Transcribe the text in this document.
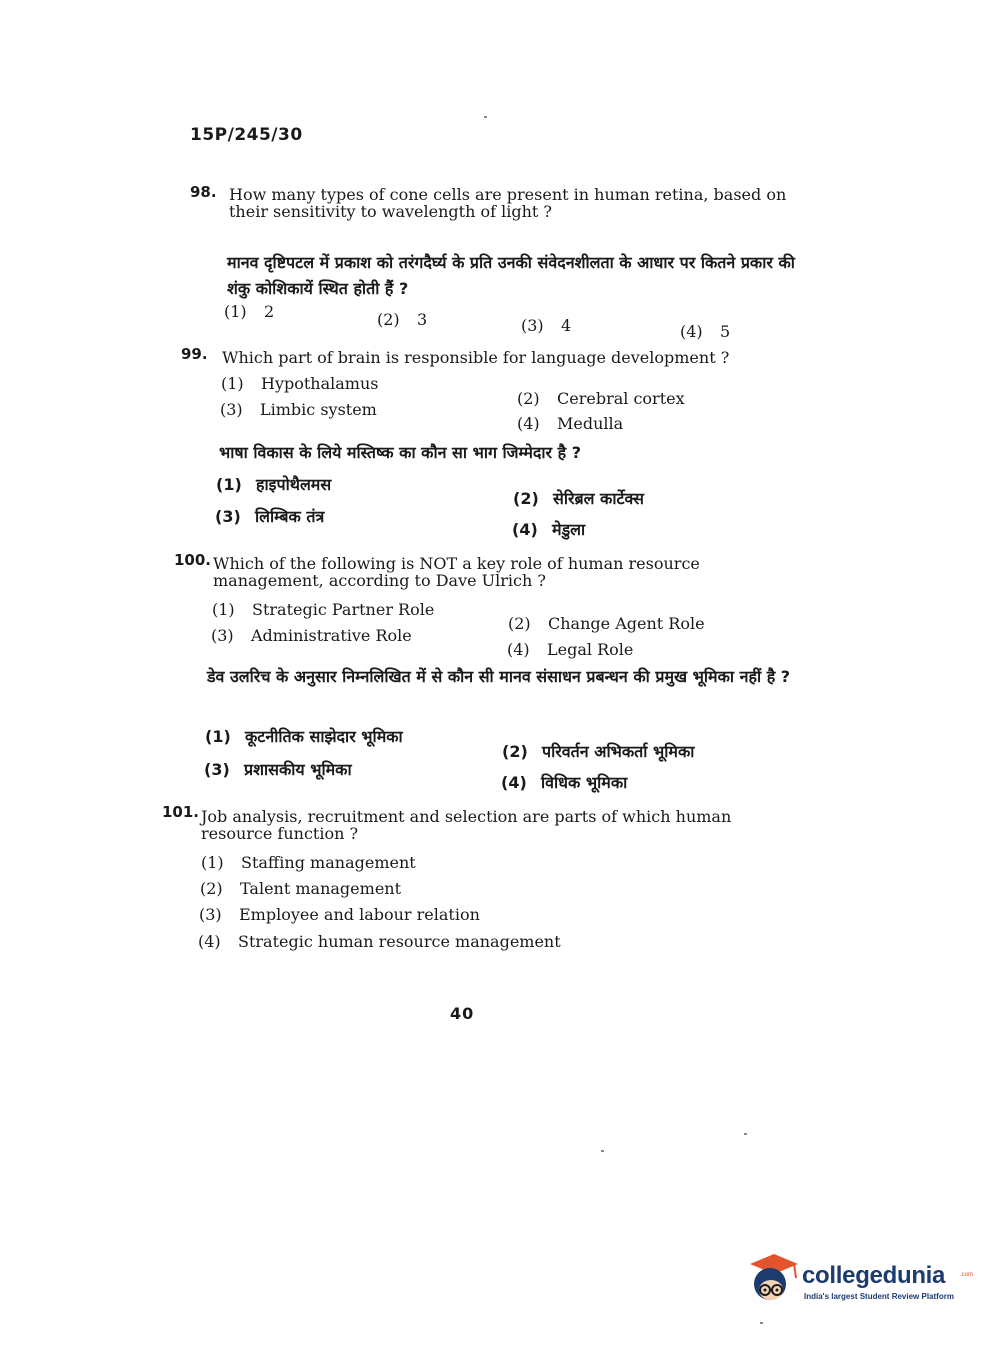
15P/245/30
98. How many types of cone cells are present in human retina, based on their sensitivity to wavelength of light ?
मानव दृष्टिपटल में प्रकाश को तरंगदैर्घ्य के प्रति उनकी संवेदनशीलता के आधार पर कितने प्रकार की शंकु कोशिकायें स्थित होती हैं ?
(1) 2	(2) 3	(3) 4	(4) 5
99. Which part of brain is responsible for language development ?
(1) Hypothalamus
(2) Cerebral cortex
(3) Limbic system
(4) Medulla
भाषा विकास के लिये मस्तिष्क का कौन सा भाग जिम्मेदार है ?
(1) हाइपोथैलमस
(2) सेरिब्रल कार्टेक्स
(3) लिम्बिक तंत्र
(4) मेडुला
100. Which of the following is NOT a key role of human resource management, according to Dave Ulrich ?
(1) Strategic Partner Role
(2) Change Agent Role
(3) Administrative Role
(4) Legal Role
डेव उलरिच के अनुसार निम्नलिखित में से कौन सी मानव संसाधन प्रबन्धन की प्रमुख भूमिका नहीं है ?
(1) कूटनीतिक साझेदार भूमिका
(2) परिवर्तन अभिकर्ता भूमिका
(3) प्रशासकीय भूमिका
(4) विधिक भूमिका
101. Job analysis, recruitment and selection are parts of which human resource function ?
(1) Staffing management
(2) Talent management
(3) Employee and labour relation
(4) Strategic human resource management
40
collegedunia .com
India's largest Student Review Platform
